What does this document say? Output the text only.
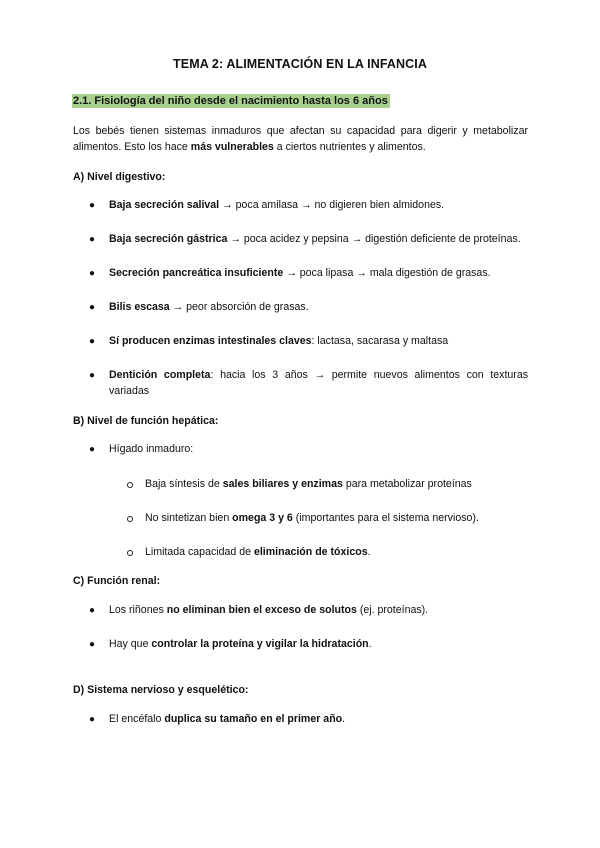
TEMA 2: ALIMENTACIÓN EN LA INFANCIA
2.1. Fisiología del niño desde el nacimiento hasta los 6 años
Los bebés tienen sistemas inmaduros que afectan su capacidad para digerir y metabolizar alimentos. Esto los hace más vulnerables a ciertos nutrientes y alimentos.
A) Nivel digestivo:
● Baja secreción salival → poca amilasa → no digieren bien almidones.
● Baja secreción gástrica → poca acidez y pepsina → digestión deficiente de proteínas.
● Secreción pancreática insuficiente → poca lipasa → mala digestión de grasas.
● Bilis escasa → peor absorción de grasas.
● Sí producen enzimas intestinales claves: lactasa, sacarasa y maltasa
● Dentición completa: hacia los 3 años → permite nuevos alimentos con texturas variadas
B) Nivel de función hepática:
● Hígado inmaduro:
Baja síntesis de sales biliares y enzimas para metabolizar proteínas
No sintetizan bien omega 3 y 6 (importantes para el sistema nervioso).
Limitada capacidad de eliminación de tóxicos.
C) Función renal:
● Los riñones no eliminan bien el exceso de solutos (ej. proteínas).
● Hay que controlar la proteína y vigilar la hidratación.
D) Sistema nervioso y esquelético:
● El encéfalo duplica su tamaño en el primer año.
